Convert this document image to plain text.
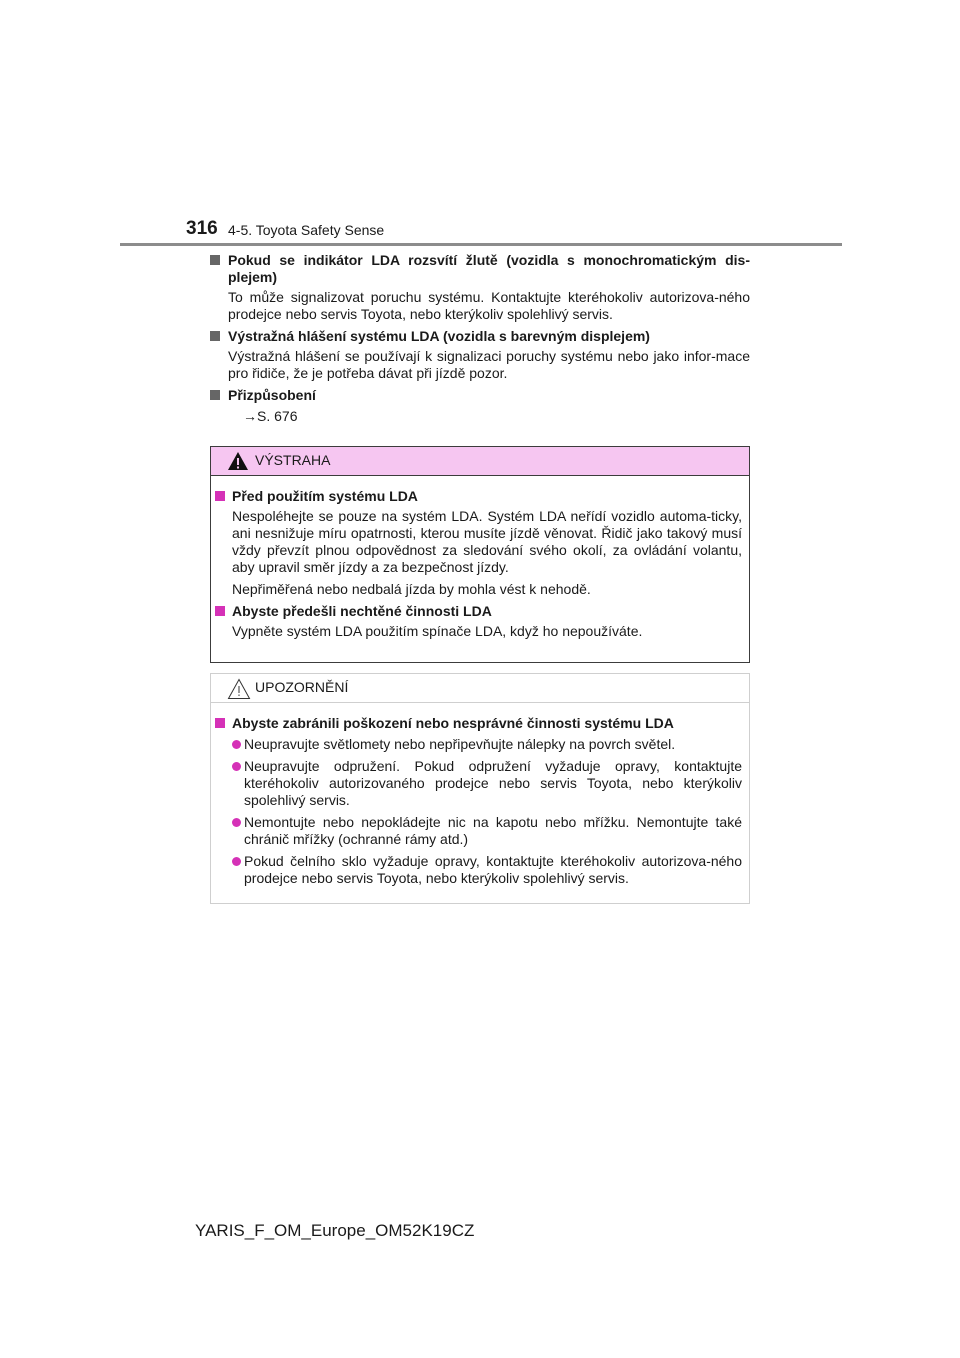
316 4-5. Toyota Safety Sense
Pokud se indikátor LDA rozsvítí žlutě (vozidla s monochromatickým dis-plejem)
To může signalizovat poruchu systému. Kontaktujte kteréhokoliv autorizova-ného prodejce nebo servis Toyota, nebo kterýkoliv spolehlivý servis.
Výstražná hlášení systému LDA (vozidla s barevným displejem)
Výstražná hlášení se používají k signalizaci poruchy systému nebo jako infor-mace pro řidiče, že je potřeba dávat při jízdě pozor.
Přizpůsobení
→S. 676
VÝSTRAHA
Před použitím systému LDA
Nespoléhejte se pouze na systém LDA. Systém LDA neřídí vozidlo automa-ticky, ani nesnižuje míru opatrnosti, kterou musíte jízdě věnovat. Řidič jako takový musí vždy převzít plnou odpovědnost za sledování svého okolí, za ovládání volantu, aby upravil směr jízdy a za bezpečnost jízdy.
Nepřiměřená nebo nedbalá jízda by mohla vést k nehodě.
Abyste předešli nechtěné činnosti LDA
Vypněte systém LDA použitím spínače LDA, když ho nepoužíváte.
UPOZORNĚNÍ
Abyste zabránili poškození nebo nesprávné činnosti systému LDA
Neupravujte světlomety nebo nepřipevňujte nálepky na povrch světel.
Neupravujte odpružení. Pokud odpružení vyžaduje opravy, kontaktujte kteréhokoliv autorizovaného prodejce nebo servis Toyota, nebo kterýkoliv spolehlivý servis.
Nemontujte nebo nepokládejte nic na kapotu nebo mřížku. Nemontujte také chránič mřížky (ochranné rámy atd.)
Pokud čelního sklo vyžaduje opravy, kontaktujte kteréhokoliv autorizova-ného prodejce nebo servis Toyota, nebo kterýkoliv spolehlivý servis.
YARIS_F_OM_Europe_OM52K19CZ
